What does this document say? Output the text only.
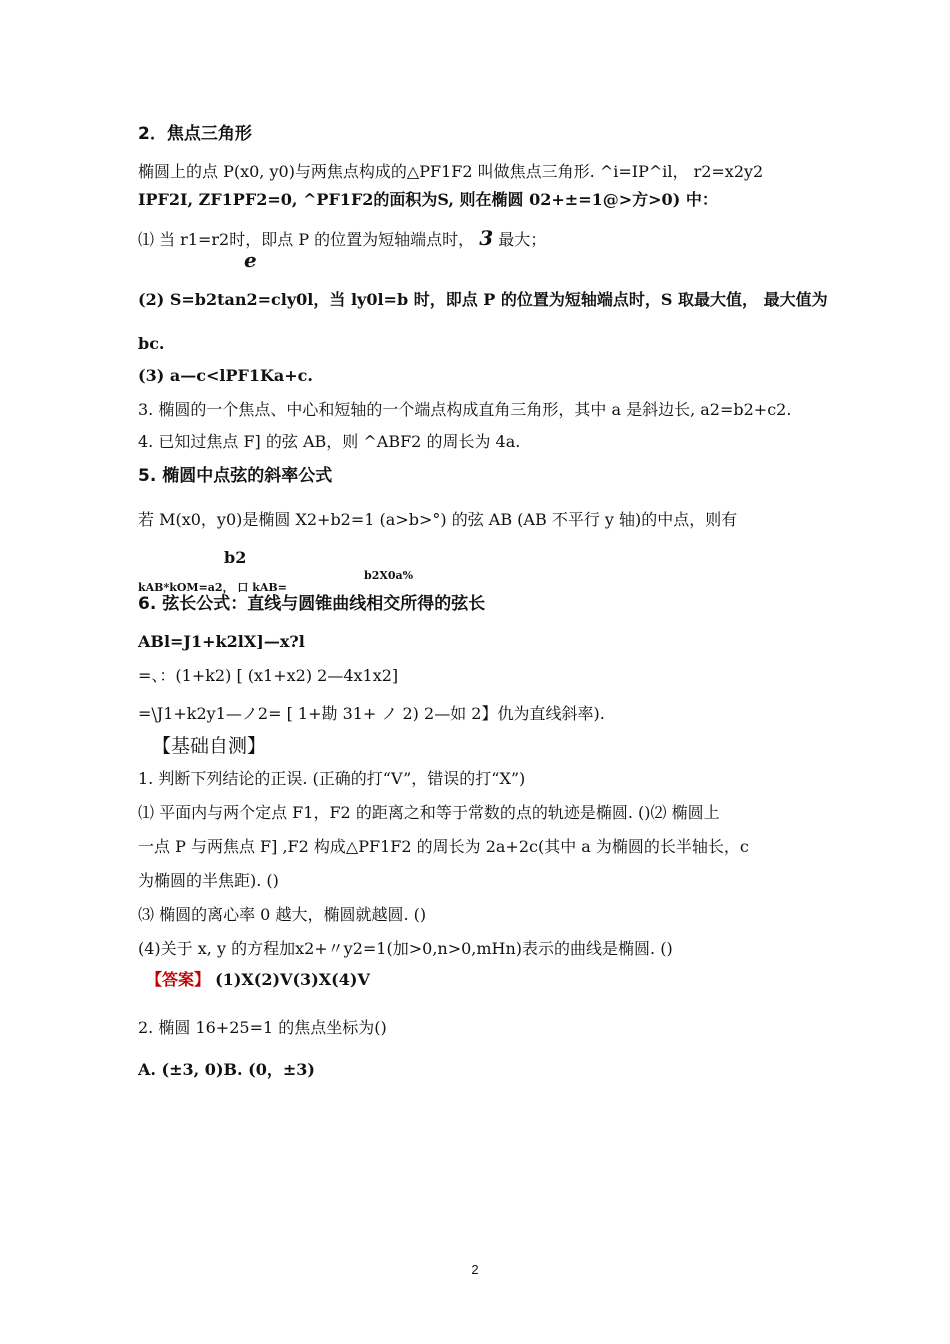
2．焦点三角形
椭圆上的点 P(x0, y0)与两焦点构成的△PF1F2 叫做焦点三角形. ^i=IP^il， r2=x2y2
IPF2I, ZF1PF2=0, ^PF1F2的面积为S, 则在椭圆 02+±=1@>方>0) 中：
⑴ 当 r1=r2时，即点 P 的位置为短轴端点时， 3 最大；
e
(2) S=b2tan2=cly0l，当 ly0l=b 时，即点 P 的位置为短轴端点时，S 取最大值， 最大值为
bc.
(3) a—c<lPF1Ka+c.
3. 椭圆的一个焦点、中心和短轴的一个端点构成直角三角形，其中 a 是斜边长, a2=b2+c2.
4. 已知过焦点 F] 的弦 AB，则 ^ABF2 的周长为 4a.
5. 椭圆中点弦的斜率公式
若 M(x0，y0)是椭圆 X2+b2=1 (a>b>°) 的弦 AB (AB 不平行 y 轴)的中点，则有
b2
kAB*kOM=a2， 口 kAB=
b2X0a%
6. 弦长公式：直线与圆锥曲线相交所得的弦长
ABl=J1+k2lX]—x?l
=、：(1+k2) [ (x1+x2) 2—4x1x2]
=\J1+k2y1—ノ2= [ 1+勘 31+ ノ 2) 2—如 2】仇为直线斜率).
【基础自测】
1. 判断下列结论的正误. (正确的打“V”，错误的打“X”)
⑴ 平面内与两个定点 F1，F2 的距离之和等于常数的点的轨迹是椭圆. ()⑵ 椭圆上
一点 P 与两焦点 F] ,F2 构成△PF1F2 的周长为 2a+2c(其中 a 为椭圆的长半轴长，c
为椭圆的半焦距). ()
⑶ 椭圆的离心率 0 越大，椭圆就越圆. ()
(4)关于 x, y 的方程加x2+〃y2=1(加>0,n>0,mHn)表示的曲线是椭圆. ()
【答案】 (1)X(2)V(3)X(4)V
2. 椭圆 16+25=1 的焦点坐标为()
A. (±3, 0)B. (0，±3)
2
